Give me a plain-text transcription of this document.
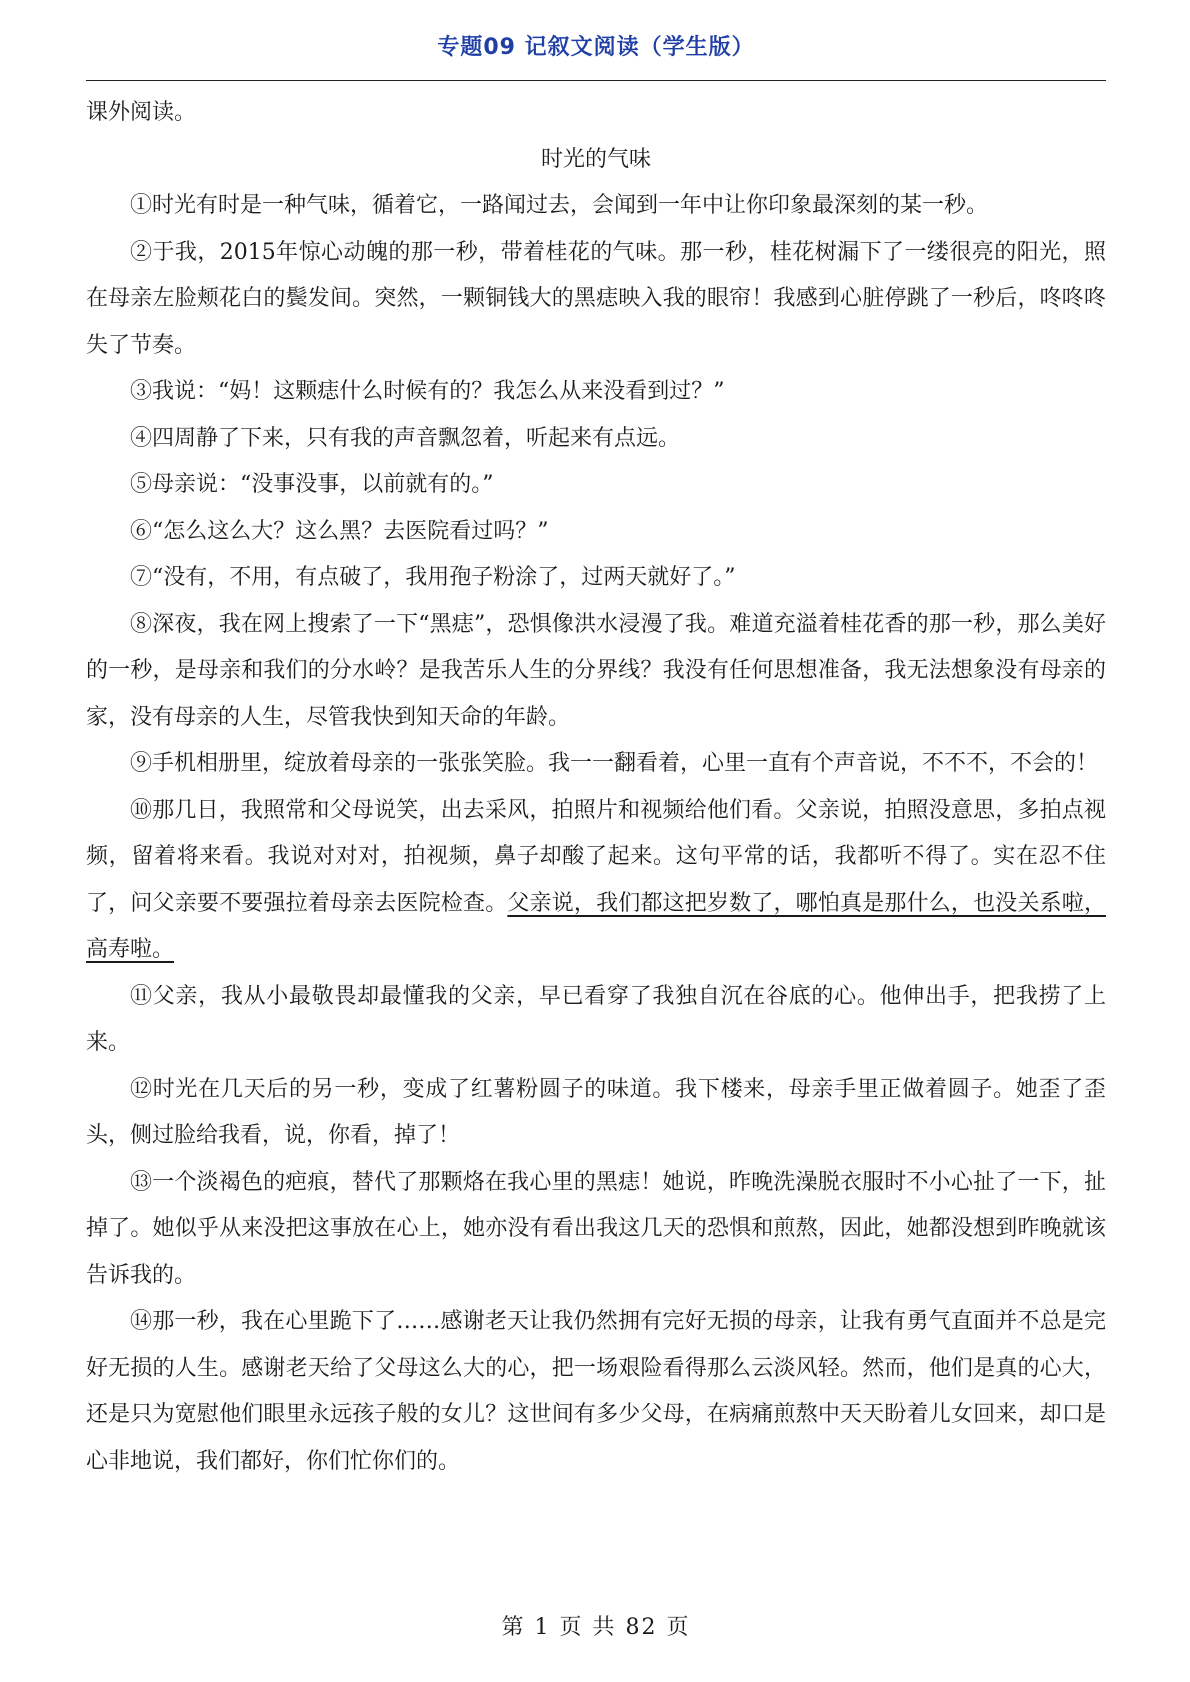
专题09 记叙文阅读（学生版）

课外阅读。

时光的气味

①时光有时是一种气味，循着它，一路闻过去，会闻到一年中让你印象最深刻的某一秒。

②于我，2015年惊心动魄的那一秒，带着桂花的气味。那一秒，桂花树漏下了一缕很亮的阳光，照在母亲左脸颊花白的鬓发间。突然，一颗铜钱大的黑痣映入我的眼帘！我感到心脏停跳了一秒后，咚咚咚失了节奏。

③我说：“妈！这颗痣什么时候有的？我怎么从来没看到过？”

④四周静了下来，只有我的声音飘忽着，听起来有点远。

⑤母亲说：“没事没事，以前就有的。”

⑥“怎么这么大？这么黑？去医院看过吗？”

⑦“没有，不用，有点破了，我用孢子粉涂了，过两天就好了。”

⑧深夜，我在网上搜索了一下“黑痣”，恐惧像洪水浸漫了我。难道充溢着桂花香的那一秒，那么美好的一秒，是母亲和我们的分水岭？是我苦乐人生的分界线？我没有任何思想准备，我无法想象没有母亲的家，没有母亲的人生，尽管我快到知天命的年龄。

⑨手机相册里，绽放着母亲的一张张笑脸。我一一翻看着，心里一直有个声音说，不不不，不会的！

⑩那几日，我照常和父母说笑，出去采风，拍照片和视频给他们看。父亲说，拍照没意思，多拍点视频，留着将来看。我说对对对，拍视频，鼻子却酸了起来。这句平常的话，我都听不得了。实在忍不住了，问父亲要不要强拉着母亲去医院检查。父亲说，我们都这把岁数了，哪怕真是那什么，也没关系啦，高寿啦。

⑪父亲，我从小最敬畏却最懂我的父亲，早已看穿了我独自沉在谷底的心。他伸出手，把我捞了上来。

⑫时光在几天后的另一秒，变成了红薯粉圆子的味道。我下楼来，母亲手里正做着圆子。她歪了歪头，侧过脸给我看，说，你看，掉了！

⑬一个淡褐色的疤痕，替代了那颗烙在我心里的黑痣！她说，昨晚洗澡脱衣服时不小心扯了一下，扯掉了。她似乎从来没把这事放在心上，她亦没有看出我这几天的恐惧和煎熬，因此，她都没想到昨晚就该告诉我的。

⑭那一秒，我在心里跪下了……感谢老天让我仍然拥有完好无损的母亲，让我有勇气直面并不总是完好无损的人生。感谢老天给了父母这么大的心，把一场艰险看得那么云淡风轻。然而，他们是真的心大，还是只为宽慰他们眼里永远孩子般的女儿？这世间有多少父母，在病痛煎熬中天天盼着儿女回来，却口是心非地说，我们都好，你们忙你们的。

第 1 页 共 82 页
